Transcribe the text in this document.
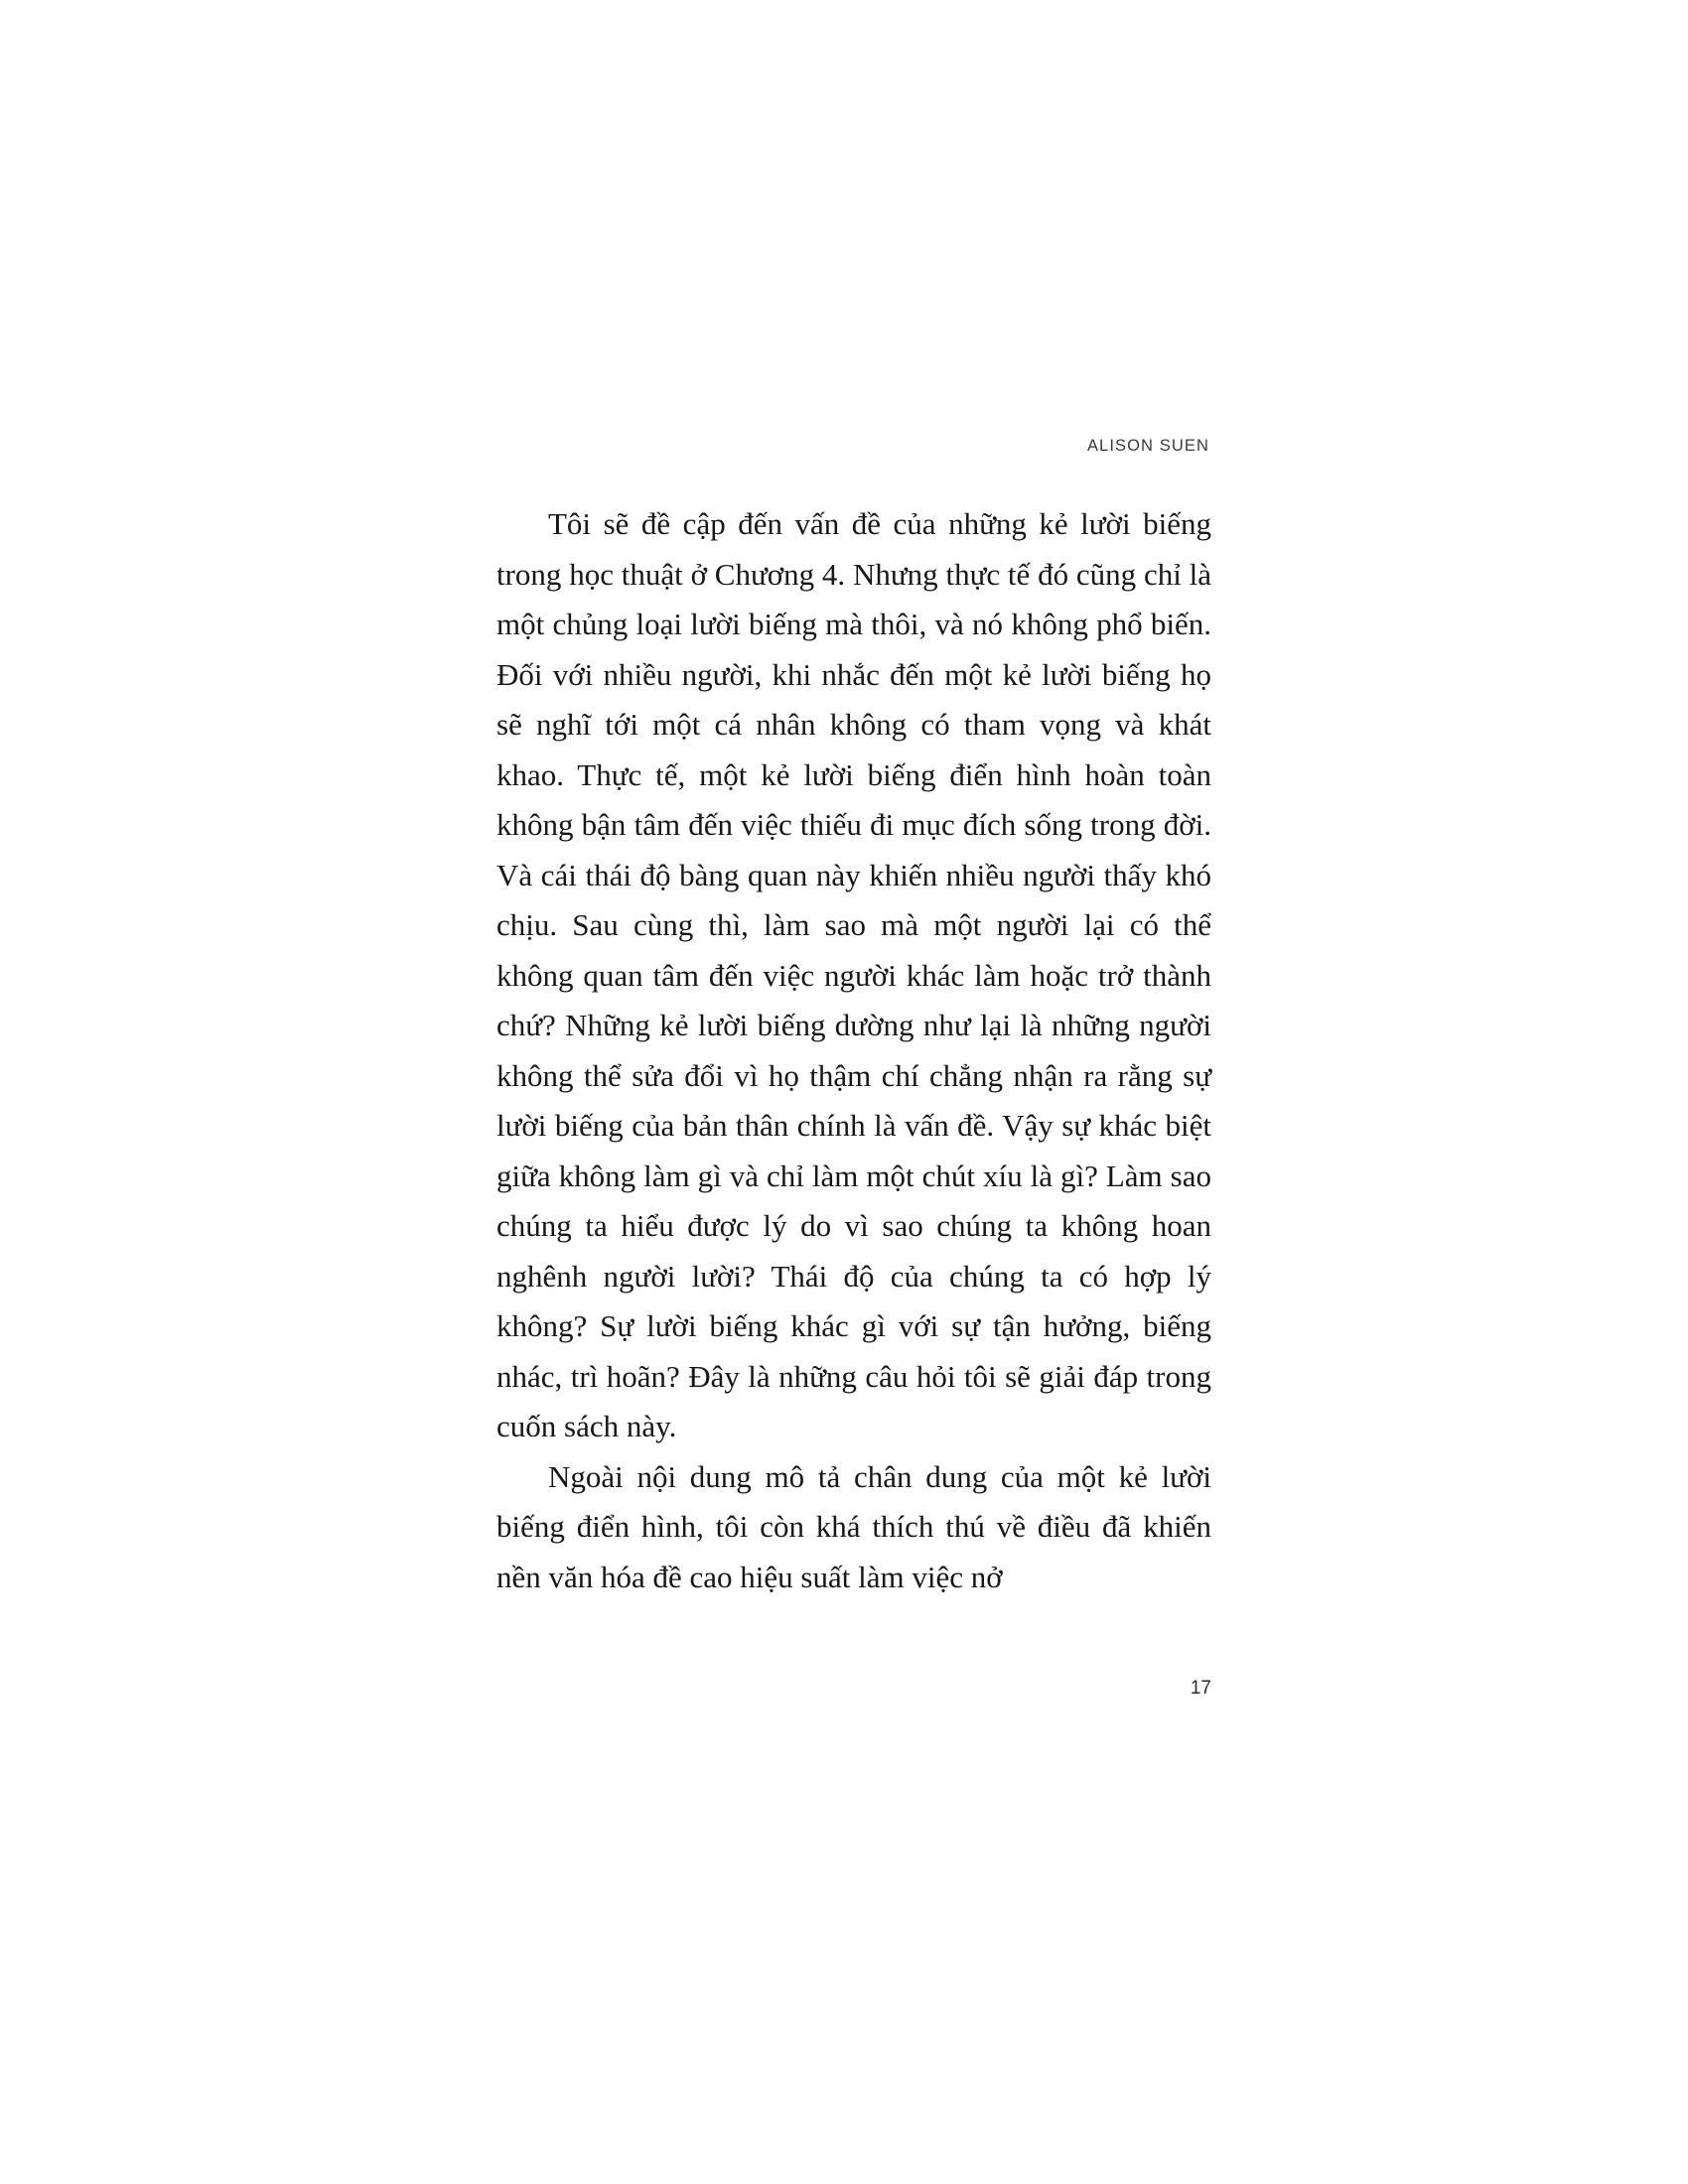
ALISON SUEN

Tôi sẽ đề cập đến vấn đề của những kẻ lười biếng trong học thuật ở Chương 4. Nhưng thực tế đó cũng chỉ là một chủng loại lười biếng mà thôi, và nó không phổ biến. Đối với nhiều người, khi nhắc đến một kẻ lười biếng họ sẽ nghĩ tới một cá nhân không có tham vọng và khát khao. Thực tế, một kẻ lười biếng điển hình hoàn toàn không bận tâm đến việc thiếu đi mục đích sống trong đời. Và cái thái độ bàng quan này khiến nhiều người thấy khó chịu. Sau cùng thì, làm sao mà một người lại có thể không quan tâm đến việc người khác làm hoặc trở thành chứ? Những kẻ lười biếng dường như lại là những người không thể sửa đổi vì họ thậm chí chẳng nhận ra rằng sự lười biếng của bản thân chính là vấn đề. Vậy sự khác biệt giữa không làm gì và chỉ làm một chút xíu là gì? Làm sao chúng ta hiểu được lý do vì sao chúng ta không hoan nghênh người lười? Thái độ của chúng ta có hợp lý không? Sự lười biếng khác gì với sự tận hưởng, biếng nhác, trì hoãn? Đây là những câu hỏi tôi sẽ giải đáp trong cuốn sách này.

Ngoài nội dung mô tả chân dung của một kẻ lười biếng điển hình, tôi còn khá thích thú về điều đã khiến nền văn hóa đề cao hiệu suất làm việc nở

17
